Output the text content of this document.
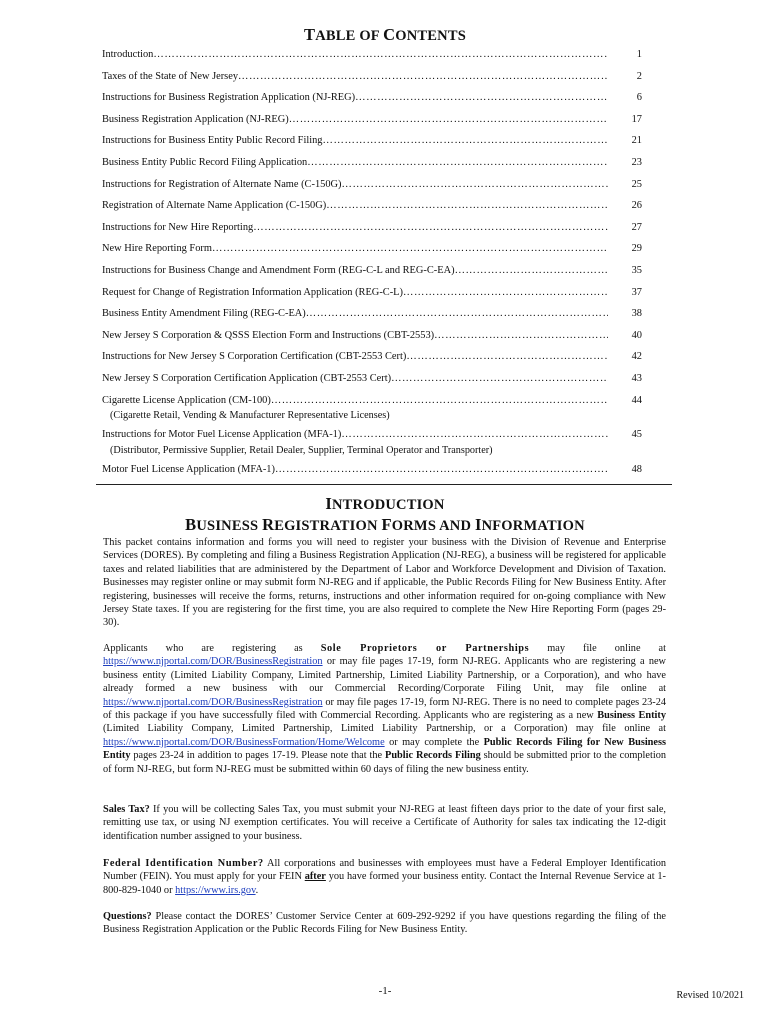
TABLE OF CONTENTS
Introduction ……………………………………………………………………………………………………………………………………………………………………………………………	1
Taxes of the State of New Jersey ……………………………………………………………………………………………………………………………………………………………………………………………	2
Instructions for Business Registration Application (NJ-REG) ……………………………………………………………………………………………………………………………………………………………………………………………	6
Business Registration Application (NJ-REG) ……………………………………………………………………………………………………………………………………………………………………………………………	17
Instructions for Business Entity Public Record Filing ……………………………………………………………………………………………………………………………………………………………………………………………	21
Business Entity Public Record Filing Application ……………………………………………………………………………………………………………………………………………………………………………………………	23
Instructions for Registration of Alternate Name (C-150G) ……………………………………………………………………………………………………………………………………………………………………………………………	25
Registration of Alternate Name Application (C-150G) ……………………………………………………………………………………………………………………………………………………………………………………………	26
Instructions for New Hire Reporting ……………………………………………………………………………………………………………………………………………………………………………………………	27
New Hire Reporting Form ……………………………………………………………………………………………………………………………………………………………………………………………	29
Instructions for Business Change and Amendment Form (REG-C-L and REG-C-EA) ……………………………………………………………………………………………………………………………………………………………………………………………	35
Request for Change of Registration Information Application (REG-C-L) ……………………………………………………………………………………………………………………………………………………………………………………………	37
Business Entity Amendment Filing (REG-C-EA) ……………………………………………………………………………………………………………………………………………………………………………………………	38
New Jersey S Corporation & QSSS Election Form and Instructions (CBT-2553) ……………………………………………………………………………………………………………………………………………………………………………………………	40
Instructions for New Jersey S Corporation Certification (CBT-2553 Cert) ……………………………………………………………………………………………………………………………………………………………………………………………	42
New Jersey S Corporation Certification Application (CBT-2553 Cert) ……………………………………………………………………………………………………………………………………………………………………………………………	43
Cigarette License Application (CM-100) ……………………………………………………………………………………………………………………………………………………………………………………………	44
(Cigarette Retail, Vending & Manufacturer Representative Licenses)
Instructions for Motor Fuel License Application (MFA-1) ……………………………………………………………………………………………………………………………………………………………………………………………	45
(Distributor, Permissive Supplier, Retail Dealer, Supplier, Terminal Operator and Transporter)
Motor Fuel License Application (MFA-1) ……………………………………………………………………………………………………………………………………………………………………………………………	48
INTRODUCTION
BUSINESS REGISTRATION FORMS AND INFORMATION

This packet contains information and forms you will need to register your business with the Division of Revenue and Enterprise Services (DORES). By completing and filing a Business Registration Application (NJ-REG), a business will be registered for applicable taxes and related liabilities that are administered by the Department of Labor and Workforce Development and Division of Taxation. Businesses may register online or may submit form NJ-REG and if applicable, the Public Records Filing for New Business Entity. After registering, businesses will receive the forms, returns, instructions and other information required for on-going compliance with New Jersey State taxes. If you are registering for the first time, you are also required to complete the New Hire Reporting Form (pages 29-30).

Applicants who are registering as Sole Proprietors or Partnerships may file online at https://www.njportal.com/DOR/BusinessRegistration or may file pages 17-19, form NJ-REG. Applicants who are registering a new business entity (Limited Liability Company, Limited Partnership, Limited Liability Partnership, or a Corporation), and who have already formed a new business with our Commercial Recording/Corporate Filing Unit, may file online at https://www.njportal.com/DOR/BusinessRegistration or may file pages 17-19, form NJ-REG. There is no need to complete pages 23-24 of this package if you have successfully filed with Commercial Recording. Applicants who are registering as a new Business Entity (Limited Liability Company, Limited Partnership, Limited Liability Partnership, or a Corporation) may file online at https://www.njportal.com/DOR/BusinessFormation/Home/Welcome or may complete the Public Records Filing for New Business Entity pages 23-24 in addition to pages 17-19. Please note that the Public Records Filing should be submitted prior to the completion of form NJ-REG, but form NJ-REG must be submitted within 60 days of filing the new business entity.

Sales Tax? If you will be collecting Sales Tax, you must submit your NJ-REG at least fifteen days prior to the date of your first sale, remitting use tax, or using NJ exemption certificates. You will receive a Certificate of Authority for sales tax indicating the 12-digit identification number assigned to your business.

Federal Identification Number? All corporations and businesses with employees must have a Federal Employer Identification Number (FEIN). You must apply for your FEIN after you have formed your business entity. Contact the Internal Revenue Service at 1-800-829-1040 or https://www.irs.gov.

Questions? Please contact the DORES’ Customer Service Center at 609-292-9292 if you have questions regarding the filing of the Business Registration Application or the Public Records Filing for New Business Entity.

-1-	Revised 10/2021
